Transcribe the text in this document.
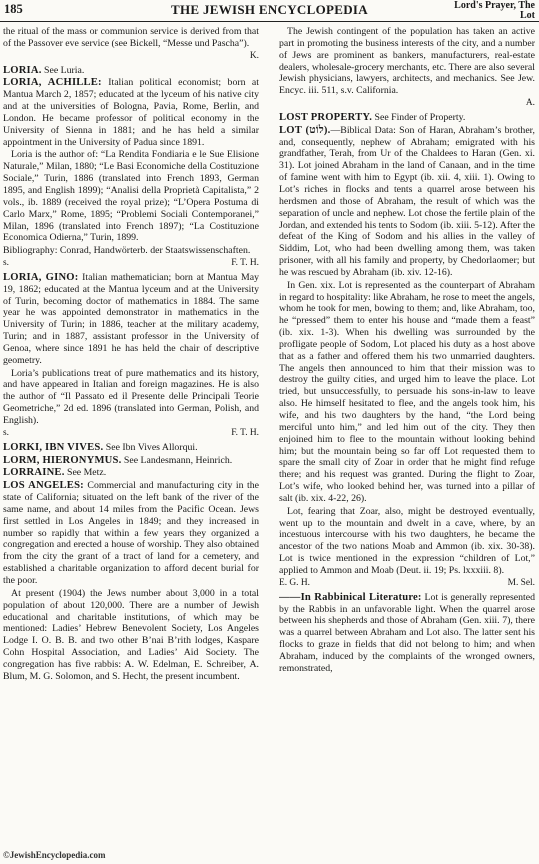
185	THE JEWISH ENCYCLOPEDIA	Lord's Prayer, The Lot

the ritual of the mass or communion service is derived from that of the Passover eve service (see Bickell, “Messe und Pascha”).

K.

LORIA. See Luria.

LORIA, ACHILLE: Italian political economist; born at Mantua March 2, 1857; educated at the lyceum of his native city and at the universities of Bologna, Pavia, Rome, Berlin, and London. He became professor of political economy in the University of Sienna in 1881; and he has held a similar appointment in the University of Padua since 1891.

Loria is the author of: “La Rendita Fondiaria e le Sue Elisione Naturale,” Milan, 1880; “Le Basi Economiche della Costituzione Sociale,” Turin, 1886 (translated into French 1893, German 1895, and English 1899); “Analisi della Proprietà Capitalista,” 2 vols., ib. 1889 (received the royal prize); “L’Opera Postuma di Carlo Marx,” Rome, 1895; “Problemi Sociali Contemporanei,” Milan, 1896 (translated into French 1897); “La Costituzione Economica Odierna,” Turin, 1899.

Bibliography: Conrad, Handwörterb. der Staatswissenschaften.

s.	F. T. H.

LORIA, GINO: Italian mathematician; born at Mantua May 19, 1862; educated at the Mantua lyceum and at the University of Turin, becoming doctor of mathematics in 1884. The same year he was appointed demonstrator in mathematics in the University of Turin; in 1886, teacher at the military academy, Turin; and in 1887, assistant professor in the University of Genoa, where since 1891 he has held the chair of descriptive geometry.

Loria’s publications treat of pure mathematics and its history, and have appeared in Italian and foreign magazines. He is also the author of “Il Passato ed il Presente delle Principali Teorie Geometriche,” 2d ed. 1896 (translated into German, Polish, and English).

s.	F. T. H.

LORKI, IBN VIVES. See Ibn Vives Allorqui.

LORM, HIERONYMUS. See Landesmann, Heinrich.

LORRAINE. See Metz.

LOS ANGELES: Commercial and manufacturing city in the state of California; situated on the left bank of the river of the same name, and about 14 miles from the Pacific Ocean. Jews first settled in Los Angeles in 1849; and they increased in number so rapidly that within a few years they organized a congregation and erected a house of worship. They also obtained from the city the grant of a tract of land for a cemetery, and established a charitable organization to afford decent burial for the poor.

At present (1904) the Jews number about 3,000 in a total population of about 120,000. There are a number of Jewish educational and charitable institutions, of which may be mentioned: Ladies’ Hebrew Benevolent Society, Los Angeles Lodge I. O. B. B. and two other B’nai B’rith lodges, Kaspare Cohn Hospital Association, and Ladies’ Aid Society. The congregation has five rabbis: A. W. Edelman, E. Schreiber, A. Blum, M. G. Solomon, and S. Hecht, the present incumbent.

The Jewish contingent of the population has taken an active part in promoting the business interests of the city, and a number of Jews are prominent as bankers, manufacturers, real-estate dealers, wholesale-grocery merchants, etc. There are also several Jewish physicians, lawyers, architects, and mechanics. See Jew. Encyc. iii. 511, s.v. California.

A.

LOST PROPERTY. See Finder of Property.

LOT (לוֹט).—Biblical Data: Son of Haran, Abraham’s brother, and, consequently, nephew of Abraham; emigrated with his grandfather, Terah, from Ur of the Chaldees to Haran (Gen. xi. 31). Lot joined Abraham in the land of Canaan, and in the time of famine went with him to Egypt (ib. xii. 4, xiii. 1). Owing to Lot’s riches in flocks and tents a quarrel arose between his herdsmen and those of Abraham, the result of which was the separation of uncle and nephew. Lot chose the fertile plain of the Jordan, and extended his tents to Sodom (ib. xiii. 5-12). After the defeat of the King of Sodom and his allies in the valley of Siddim, Lot, who had been dwelling among them, was taken prisoner, with all his family and property, by Chedorlaomer; but he was rescued by Abraham (ib. xiv. 12-16).

In Gen. xix. Lot is represented as the counterpart of Abraham in regard to hospitality: like Abraham, he rose to meet the angels, whom he took for men, bowing to them; and, like Abraham, too, he “pressed” them to enter his house and “made them a feast” (ib. xix. 1-3). When his dwelling was surrounded by the profligate people of Sodom, Lot placed his duty as a host above that as a father and offered them his two unmarried daughters. The angels then announced to him that their mission was to destroy the guilty cities, and urged him to leave the place. Lot tried, but unsuccessfully, to persuade his sons-in-law to leave also. He himself hesitated to flee, and the angels took him, his wife, and his two daughters by the hand, “the Lord being merciful unto him,” and led him out of the city. They then enjoined him to flee to the mountain without looking behind him; but the mountain being so far off Lot requested them to spare the small city of Zoar in order that he might find refuge there; and his request was granted. During the flight to Zoar, Lot’s wife, who looked behind her, was turned into a pillar of salt (ib. xix. 4-22, 26).

Lot, fearing that Zoar, also, might be destroyed eventually, went up to the mountain and dwelt in a cave, where, by an incestuous intercourse with his two daughters, he became the ancestor of the two nations Moab and Ammon (ib. xix. 30-38). Lot is twice mentioned in the expression “children of Lot,” applied to Ammon and Moab (Deut. ii. 19; Ps. lxxxiii. 8).

E. G. H.	M. Sel.

——In Rabbinical Literature: Lot is generally represented by the Rabbis in an unfavorable light. When the quarrel arose between his shepherds and those of Abraham (Gen. xiii. 7), there was a quarrel between Abraham and Lot also. The latter sent his flocks to graze in fields that did not belong to him; and when Abraham, induced by the complaints of the wronged owners, remonstrated,

©JewishEncyclopedia.com
